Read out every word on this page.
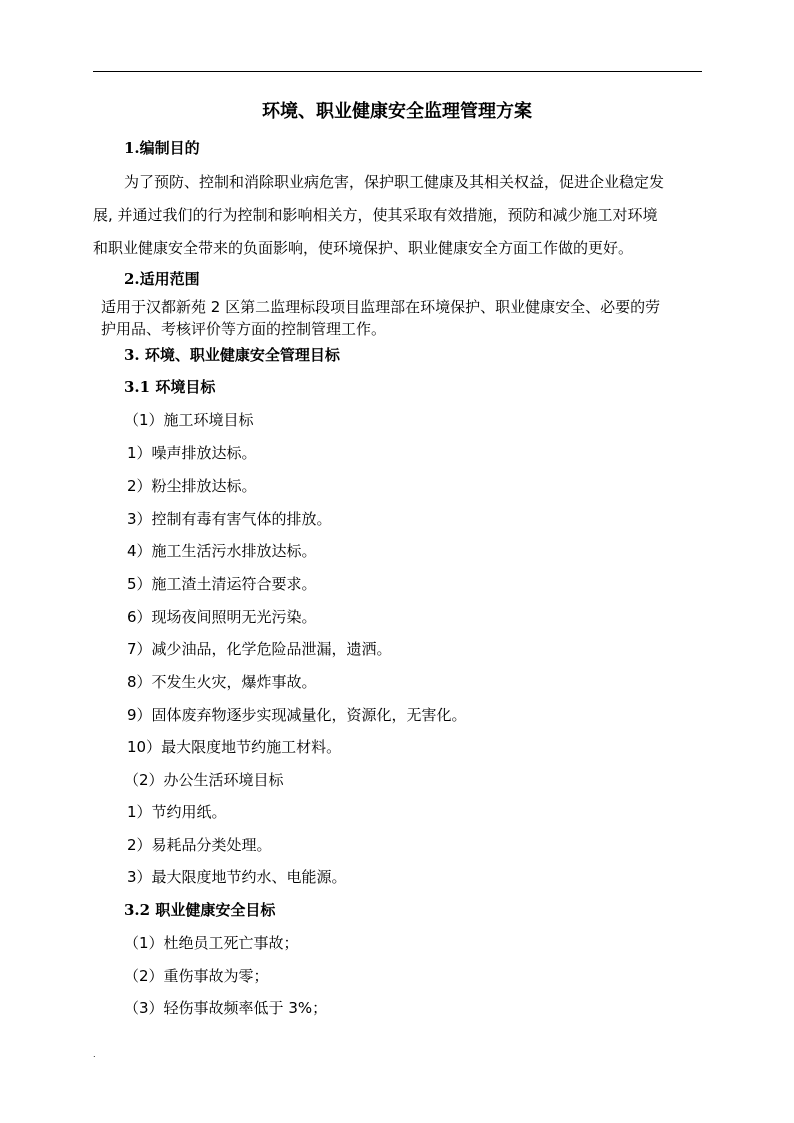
环境、职业健康安全监理管理方案
1.编制目的
为了预防、控制和消除职业病危害，保护职工健康及其相关权益，促进企业稳定发
展, 并通过我们的行为控制和影响相关方，使其采取有效措施，预防和减少施工对环境
和职业健康安全带来的负面影响，使环境保护、职业健康安全方面工作做的更好。
2.适用范围
适用于汉都新苑 2 区第二监理标段项目监理部在环境保护、职业健康安全、必要的劳
护用品、考核评价等方面的控制管理工作。
3. 环境、职业健康安全管理目标
3.1 环境目标
（1）施工环境目标
1）噪声排放达标。
2）粉尘排放达标。
3）控制有毒有害气体的排放。
4）施工生活污水排放达标。
5）施工渣土清运符合要求。
6）现场夜间照明无光污染。
7）减少油品，化学危险品泄漏，遗洒。
8）不发生火灾，爆炸事故。
9）固体废弃物逐步实现减量化，资源化，无害化。
10）最大限度地节约施工材料。
（2）办公生活环境目标
1）节约用纸。
2）易耗品分类处理。
3）最大限度地节约水、电能源。
3.2 职业健康安全目标
（1）杜绝员工死亡事故；
（2）重伤事故为零；
（3）轻伤事故频率低于 3%；
.
